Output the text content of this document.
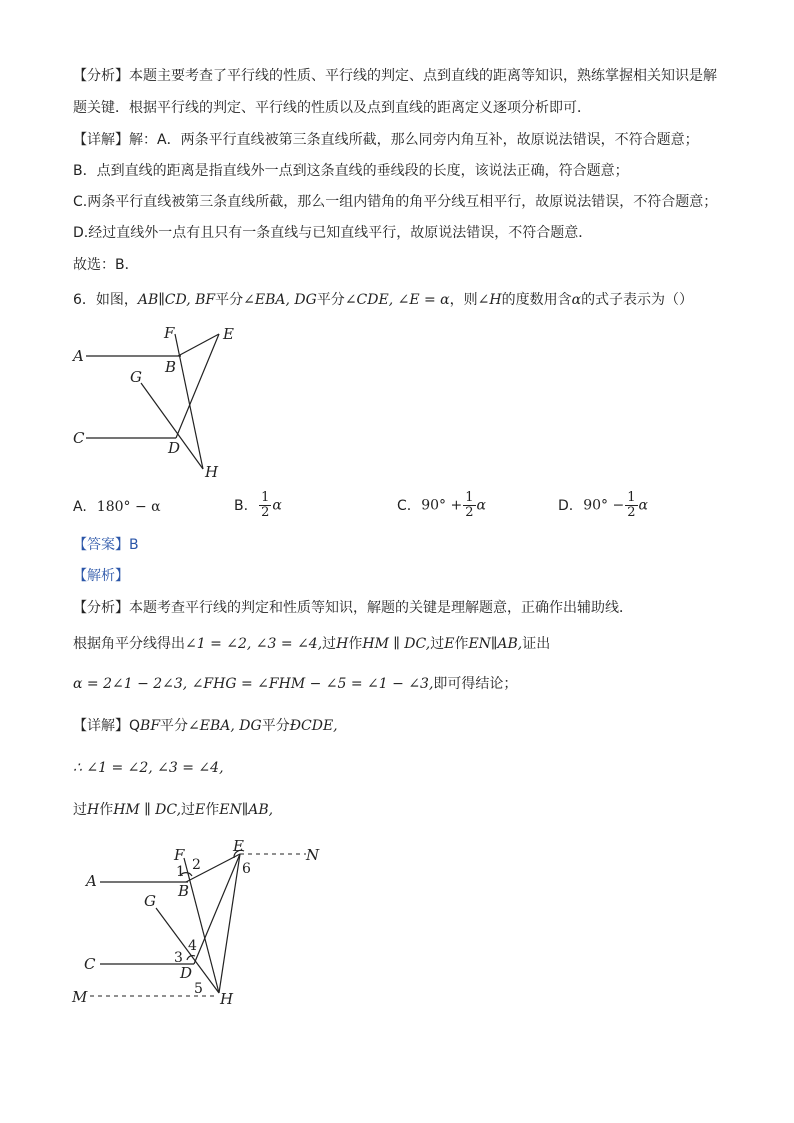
【分析】本题主要考查了平行线的性质、平行线的判定、点到直线的距离等知识，熟练掌握相关知识是解
题关键．根据平行线的判定、平行线的性质以及点到直线的距离定义逐项分析即可．
【详解】解：A．两条平行直线被第三条直线所截，那么同旁内角互补，故原说法错误，不符合题意；
B．点到直线的距离是指直线外一点到这条直线的垂线段的长度，该说法正确，符合题意；
C.两条平行直线被第三条直线所截，那么一组内错角的角平分线互相平行，故原说法错误，不符合题意；
D.经过直线外一点有且只有一条直线与已知直线平行，故原说法错误，不符合题意．
故选：B．
6．如图，AB∥CD, BF平分∠EBA, DG平分∠CDE, ∠E = α，则∠H的度数用含α的式子表示为（）
F	E
A
B
G
C
D
H
A. 180° − α	B. $\frac{1}{2}$ α	C. $90^\circ + \frac{1}{2}$ α	D. $90^\circ - \frac{1}{2}$ α
【答案】B
【解析】
【分析】本题考查平行线的判定和性质等知识，解题的关键是理解题意，正确作出辅助线．
根据角平分线得出∠1 = ∠2, ∠3 = ∠4,过H作HM ∥ DC,过E作EN∥AB,证出
α = 2∠1 − 2∠3, ∠FHG = ∠FHM − ∠5 = ∠1 − ∠3,即可得结论；
【详解】QBF平分∠EBA, DG平分ÐCDE,
∴ ∠1 = ∠2, ∠3 = ∠4,
过H作HM ∥ DC,过E作EN∥AB,
F	E	N
A
B
G
C	D
M	H
1 2	6
3
4
5
